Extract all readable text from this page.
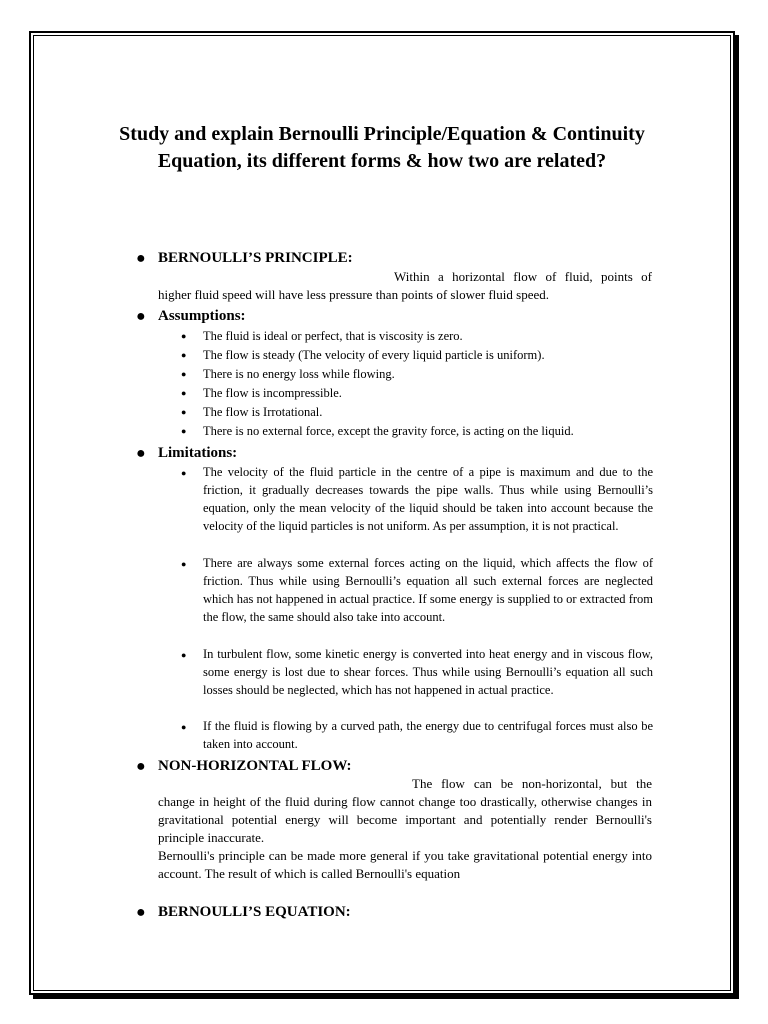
Study and explain Bernoulli Principle/Equation & Continuity Equation, its different forms & how two are related?
● BERNOULLI’S PRINCIPLE:
Within a horizontal flow of fluid, points of higher fluid speed will have less pressure than points of slower fluid speed.
● Assumptions:
● The fluid is ideal or perfect, that is viscosity is zero.
● The flow is steady (The velocity of every liquid particle is uniform).
● There is no energy loss while flowing.
● The flow is incompressible.
● The flow is Irrotational.
● There is no external force, except the gravity force, is acting on the liquid.
● Limitations:
● The velocity of the fluid particle in the centre of a pipe is maximum and due to the friction, it gradually decreases towards the pipe walls. Thus while using Bernoulli’s equation, only the mean velocity of the liquid should be taken into account because the velocity of the liquid particles is not uniform. As per assumption, it is not practical.
● There are always some external forces acting on the liquid, which affects the flow of friction. Thus while using Bernoulli’s equation all such external forces are neglected which has not happened in actual practice. If some energy is supplied to or extracted from the flow, the same should also take into account.
● In turbulent flow, some kinetic energy is converted into heat energy and in viscous flow, some energy is lost due to shear forces. Thus while using Bernoulli’s equation all such losses should be neglected, which has not happened in actual practice.
● If the fluid is flowing by a curved path, the energy due to centrifugal forces must also be taken into account.
● NON-HORIZONTAL FLOW:
The flow can be non-horizontal, but the change in height of the fluid during flow cannot change too drastically, otherwise changes in gravitational potential energy will become important and potentially render Bernoulli's principle inaccurate.
Bernoulli's principle can be made more general if you take gravitational potential energy into account. The result of which is called Bernoulli's equation
● BERNOULLI’S EQUATION:
